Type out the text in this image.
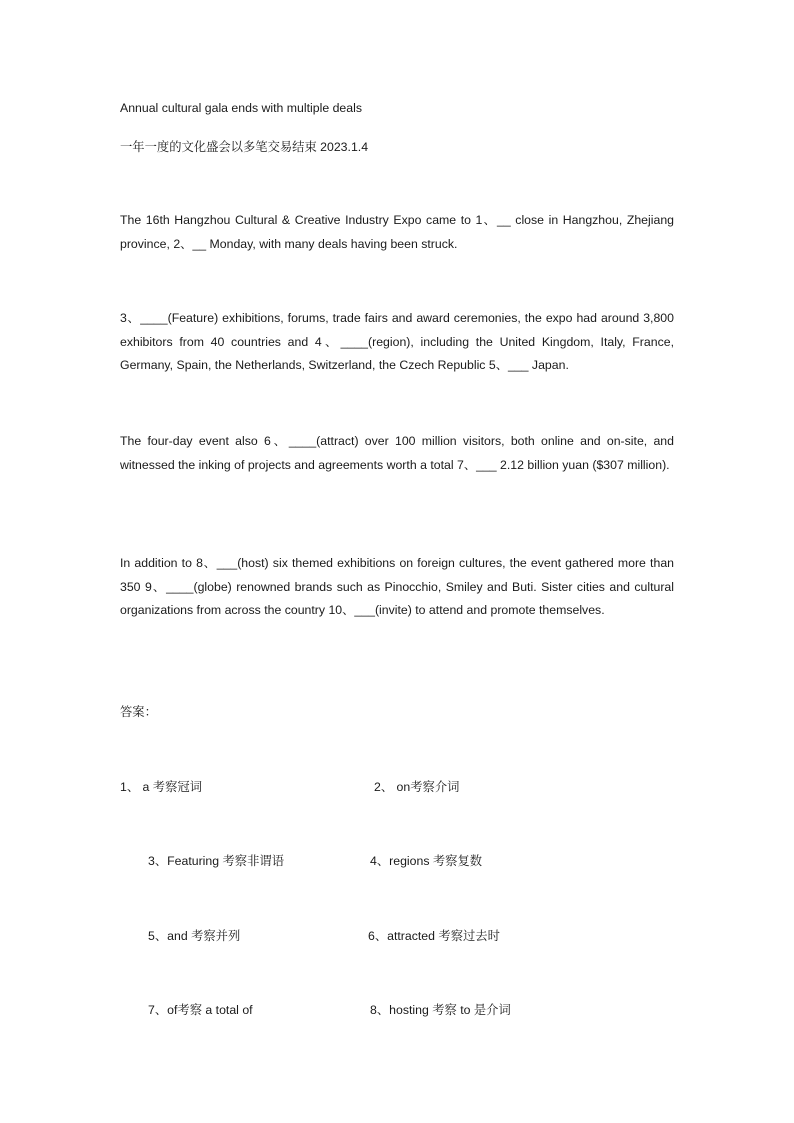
Annual cultural gala ends with multiple deals
一年一度的文化盛会以多笔交易结束 2023.1.4
The 16th Hangzhou Cultural & Creative Industry Expo came to 1、__ close in Hangzhou, Zhejiang province, 2、__ Monday, with many deals having been struck.
3、____(Feature) exhibitions, forums, trade fairs and award ceremonies, the expo had around 3,800 exhibitors from 40 countries and 4、____(region), including the United Kingdom, Italy, France, Germany, Spain, the Netherlands, Switzerland, the Czech Republic 5、___ Japan.
The four-day event also 6、____(attract) over 100 million visitors, both online and on-site, and witnessed the inking of projects and agreements worth a total 7、___ 2.12 billion yuan ($307 million).
In addition to 8、___(host) six themed exhibitions on foreign cultures, the event gathered more than 350 9、____(globe) renowned brands such as Pinocchio, Smiley and Buti. Sister cities and cultural organizations from across the country 10、___(invite) to attend and promote themselves.
答案：
1、 a 考察冠词	2、 on考察介词
3、Featuring 考察非谓语	4、regions 考察复数
5、and 考察并列	6、attracted 考察过去时
7、of考察 a total of	8、hosting 考察 to 是介词
